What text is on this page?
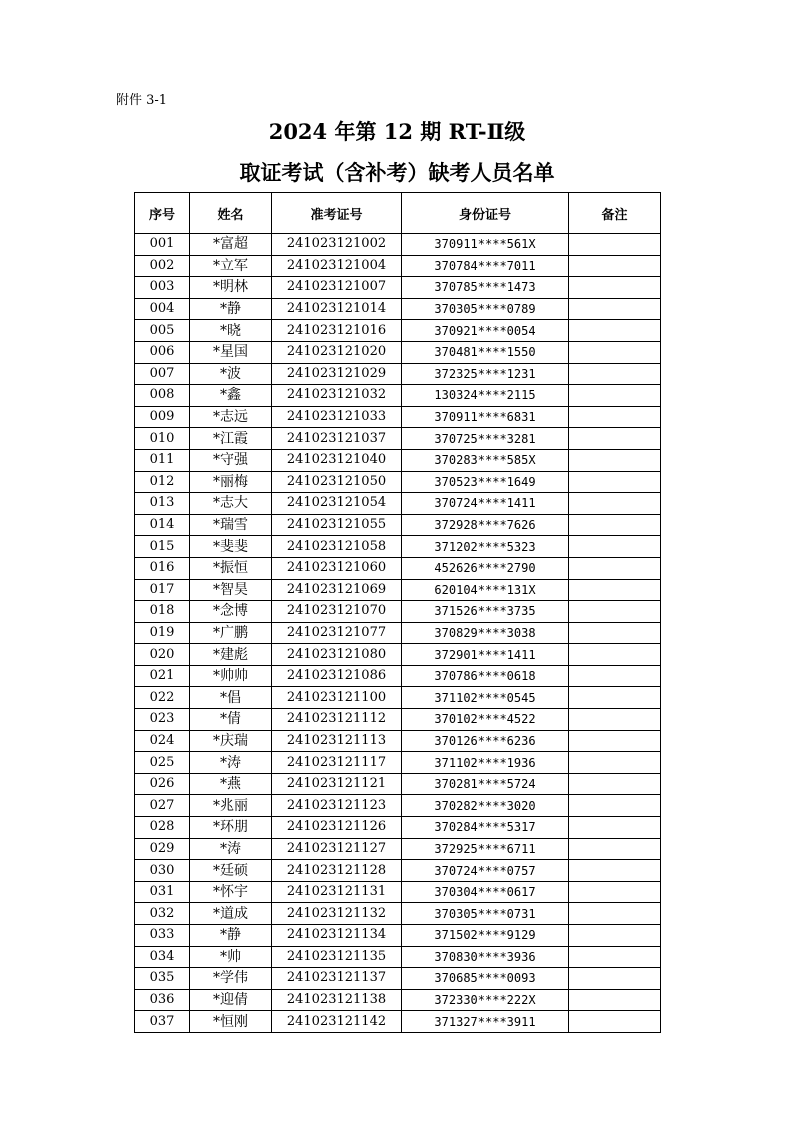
附件 3-1
2024 年第 12 期 RT-Ⅱ级
取证考试（含补考）缺考人员名单
序号	姓名	准考证号	身份证号	备注
001	*富超	241023121002	370911****561X	
002	*立军	241023121004	370784****7011	
003	*明林	241023121007	370785****1473	
004	*静	241023121014	370305****0789	
005	*晓	241023121016	370921****0054	
006	*星国	241023121020	370481****1550	
007	*波	241023121029	372325****1231	
008	*鑫	241023121032	130324****2115	
009	*志远	241023121033	370911****6831	
010	*江霞	241023121037	370725****3281	
011	*守强	241023121040	370283****585X	
012	*丽梅	241023121050	370523****1649	
013	*志大	241023121054	370724****1411	
014	*瑞雪	241023121055	372928****7626	
015	*斐斐	241023121058	371202****5323	
016	*振恒	241023121060	452626****2790	
017	*智昊	241023121069	620104****131X	
018	*念博	241023121070	371526****3735	
019	*广鹏	241023121077	370829****3038	
020	*建彪	241023121080	372901****1411	
021	*帅帅	241023121086	370786****0618	
022	*倡	241023121100	371102****0545	
023	*倩	241023121112	370102****4522	
024	*庆瑞	241023121113	370126****6236	
025	*涛	241023121117	371102****1936	
026	*燕	241023121121	370281****5724	
027	*兆丽	241023121123	370282****3020	
028	*环朋	241023121126	370284****5317	
029	*涛	241023121127	372925****6711	
030	*廷硕	241023121128	370724****0757	
031	*怀宇	241023121131	370304****0617	
032	*道成	241023121132	370305****0731	
033	*静	241023121134	371502****9129	
034	*帅	241023121135	370830****3936	
035	*学伟	241023121137	370685****0093	
036	*迎倩	241023121138	372330****222X	
037	*恒刚	241023121142	371327****3911	
